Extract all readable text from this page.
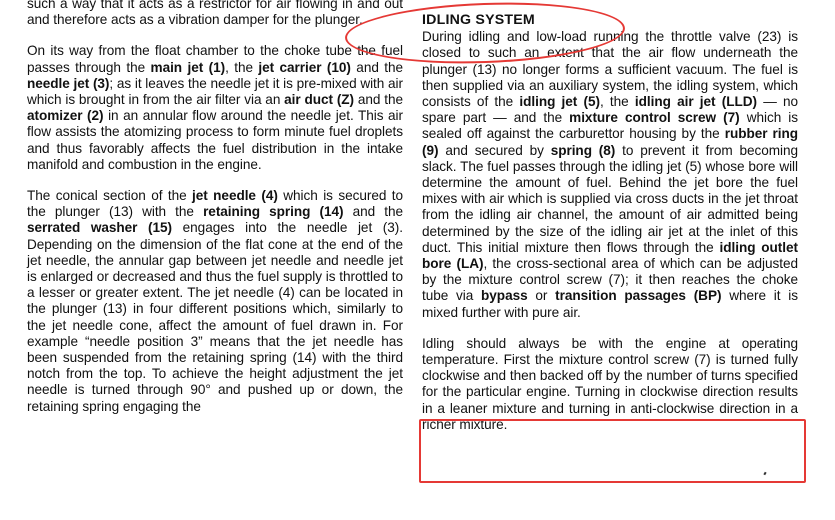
such a way that it acts as a restrictor for air flowing in and out and therefore acts as a vibration damper for the plunger.

On its way from the float chamber to the choke tube the fuel passes through the main jet (1), the jet carrier (10) and the needle jet (3); as it leaves the needle jet it is pre-mixed with air which is brought in from the air filter via an air duct (Z) and the atomizer (2) in an annular flow around the needle jet. This air flow assists the atomizing process to form minute fuel droplets and thus favorably affects the fuel distribution in the intake manifold and combustion in the engine.

The conical section of the jet needle (4) which is secured to the plunger (13) with the retaining spring (14) and the serrated washer (15) engages into the needle jet (3). Depending on the dimension of the flat cone at the end of the jet needle, the annular gap between jet needle and needle jet is enlarged or decreased and thus the fuel supply is throttled to a lesser or greater extent. The jet needle (4) can be located in the plunger (13) in four different positions which, similarly to the jet needle cone, affect the amount of fuel drawn in. For example “needle position 3” means that the jet needle has been suspended from the retaining spring (14) with the third notch from the top. To achieve the height adjustment the jet needle is turned through 90° and pushed up or down, the retaining spring engaging the

IDLING SYSTEM

During idling and low-load running the throttle valve (23) is closed to such an extent that the air flow underneath the plunger (13) no longer forms a sufficient vacuum. The fuel is then supplied via an auxiliary system, the idling system, which consists of the idling jet (5), the idling air jet (LLD) — no spare part — and the mixture control screw (7) which is sealed off against the carburettor housing by the rubber ring (9) and secured by spring (8) to prevent it from becoming slack. The fuel passes through the idling jet (5) whose bore will determine the amount of fuel. Behind the jet bore the fuel mixes with air which is supplied via cross ducts in the jet throat from the idling air channel, the amount of air admitted being determined by the size of the idling air jet at the inlet of this duct. This initial mixture then flows through the idling outlet bore (LA), the cross-sectional area of which can be adjusted by the mixture control screw (7); it then reaches the choke tube via bypass or transition passages (BP) where it is mixed further with pure air.

Idling should always be with the engine at operating temperature. First the mixture control screw (7) is turned fully clockwise and then backed off by the number of turns specified for the particular engine. Turning in clockwise direction results in a leaner mixture and turning in anti-clockwise direction in a richer mixture.
